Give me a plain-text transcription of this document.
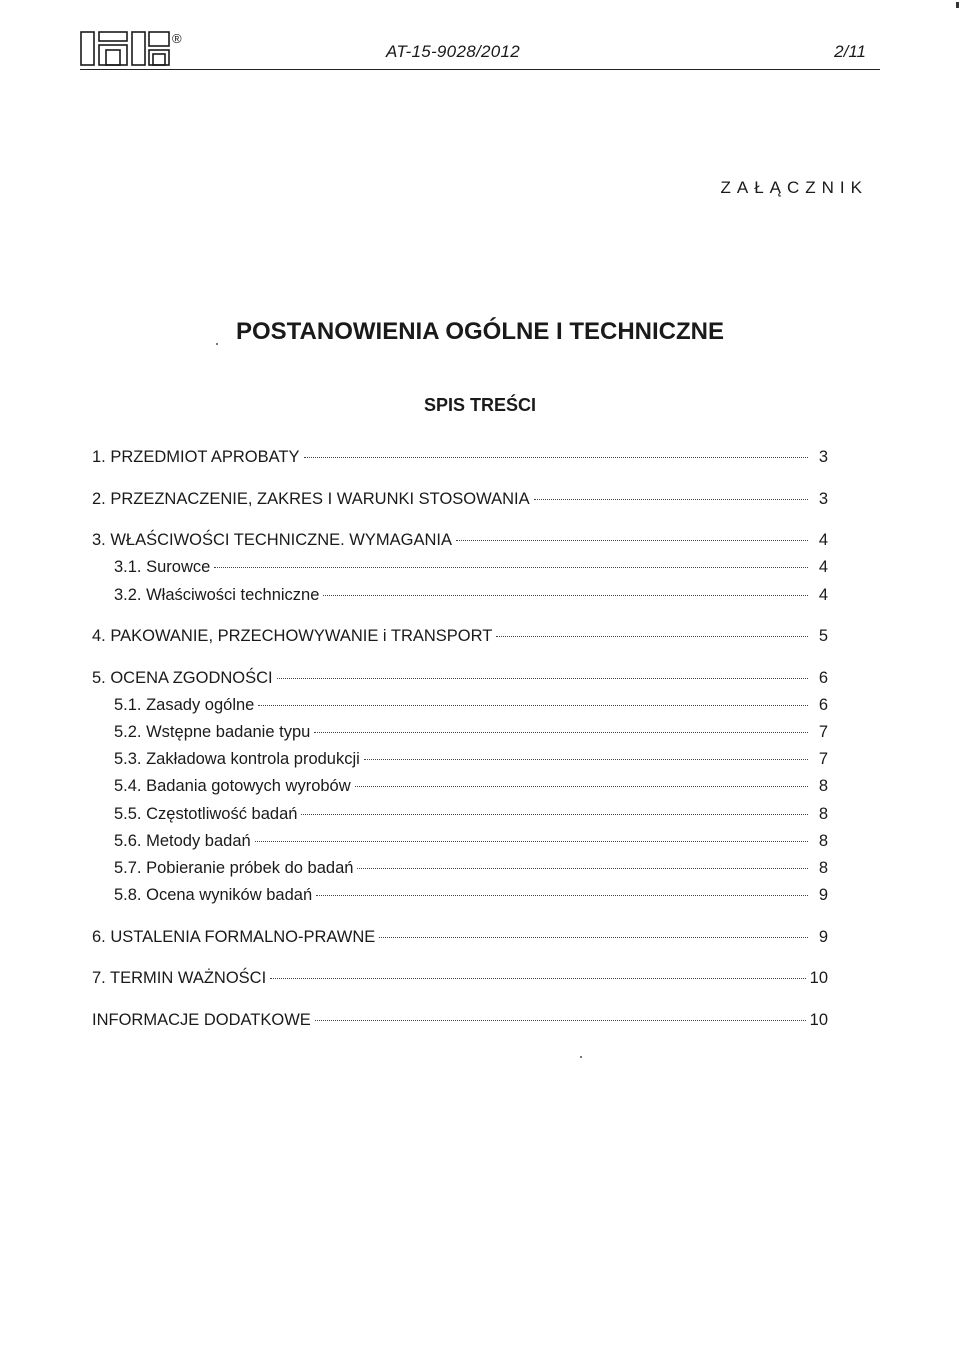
®
AT-15-9028/2012	2/11
ZAŁĄCZNIK
POSTANOWIENIA OGÓLNE I TECHNICZNE
SPIS TREŚCI
1. PRZEDMIOT APROBATY	3
2. PRZEZNACZENIE, ZAKRES I WARUNKI STOSOWANIA	3
3. WŁAŚCIWOŚCI TECHNICZNE. WYMAGANIA	4
3.1. Surowce	4
3.2. Właściwości techniczne	4
4. PAKOWANIE, PRZECHOWYWANIE i TRANSPORT	5
5. OCENA ZGODNOŚCI	6
5.1. Zasady ogólne	6
5.2. Wstępne badanie typu	7
5.3. Zakładowa kontrola produkcji	7
5.4. Badania gotowych wyrobów	8
5.5. Częstotliwość badań	8
5.6. Metody badań	8
5.7. Pobieranie próbek do badań	8
5.8. Ocena wyników badań	9
6. USTALENIA FORMALNO-PRAWNE	9
7. TERMIN WAŻNOŚCI	10
INFORMACJE DODATKOWE	10
